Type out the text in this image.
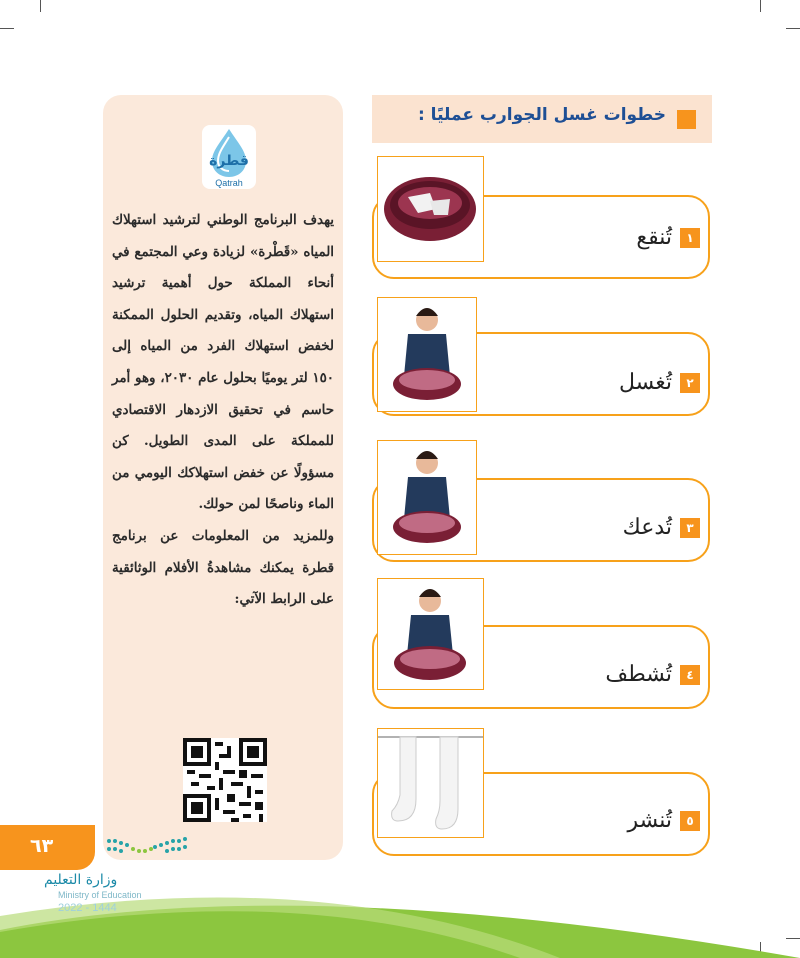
قطرة
Qatrah
يهدف البرنامج الوطني لترشيد استهلاك المياه «قَطْرة» لزيادة وعي المجتمع في أنحاء المملكة حول أهمية ترشيد استهلاك المياه، وتقديم الحلول الممكنة لخفض استهلاك الفرد من المياه إلى ١٥٠ لتر يوميًا بحلول عام ٢٠٣٠، وهو أمر حاسم في تحقيق الازدهار الاقتصادي للمملكة على المدى الطويل. كن مسؤولًا عن خفض استهلاكك اليومي من الماء وناصحًا لمن حولك.
وللمزيد من المعلومات عن برنامج قطرة يمكنك مشاهدةُ الأفلام الوثائقية على الرابط الآتي:
خطوات غسل الجوارب عمليًا :
١
تُنقع
٢
تُغسل
٣
تُدعك
٤
تُشطف
٥
تُنشر
٦٣
وزارة التعليم
Ministry of Education
2022 - 1444
